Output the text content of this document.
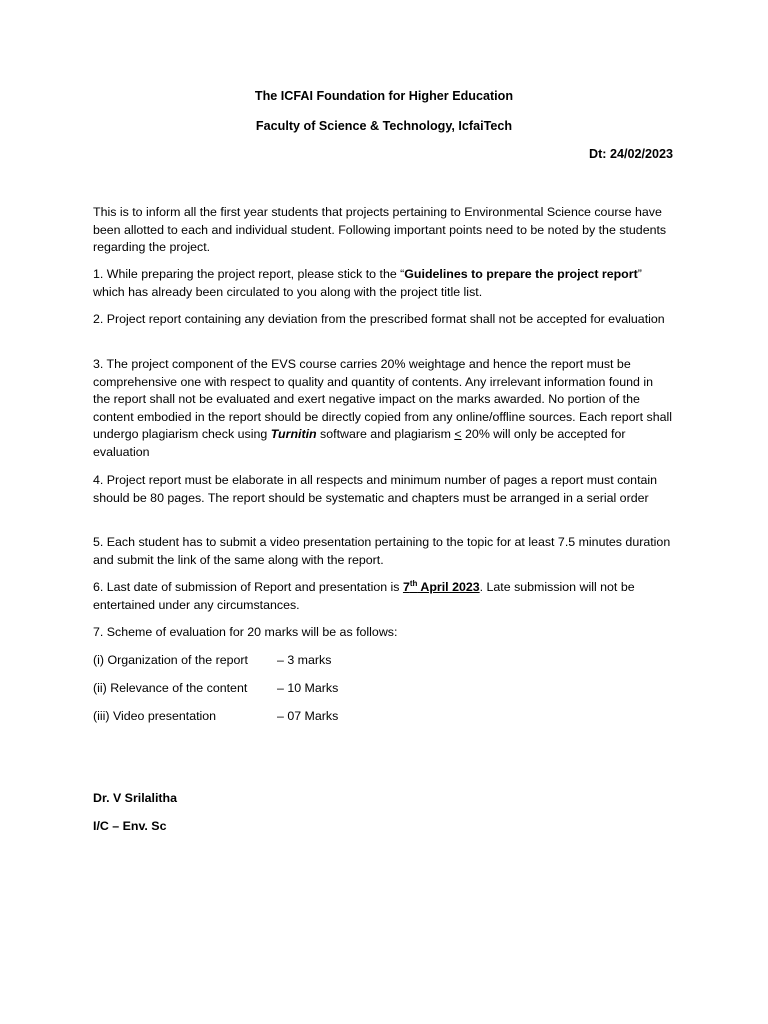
The ICFAI Foundation for Higher Education

Faculty of Science & Technology, IcfaiTech

Dt: 24/02/2023

This is to inform all the first year students that projects pertaining to Environmental Science course have been allotted to each and individual student. Following important points need to be noted by the students regarding the project.

1. While preparing the project report, please stick to the “Guidelines to prepare the project report” which has already been circulated to you along with the project title list.

2. Project report containing any deviation from the prescribed format shall not be accepted for evaluation

3. The project component of the EVS course carries 20% weightage and hence the report must be comprehensive one with respect to quality and quantity of contents. Any irrelevant information found in the report shall not be evaluated and exert negative impact on the marks awarded. No portion of the content embodied in the report should be directly copied from any online/offline sources. Each report shall undergo plagiarism check using Turnitin software and plagiarism ≤ 20% will only be accepted for evaluation

4. Project report must be elaborate in all respects and minimum number of pages a report must contain should be 80 pages. The report should be systematic and chapters must be arranged in a serial order

5. Each student has to submit a video presentation pertaining to the topic for at least 7.5 minutes duration and submit the link of the same along with the report.

6. Last date of submission of Report and presentation is 7th April 2023. Late submission will not be entertained under any circumstances.

7. Scheme of evaluation for 20 marks will be as follows:

(i) Organization of the report – 3 marks
(ii) Relevance of the content – 10 Marks
(iii) Video presentation	– 07 Marks

Dr. V Srilalitha

I/C – Env. Sc
